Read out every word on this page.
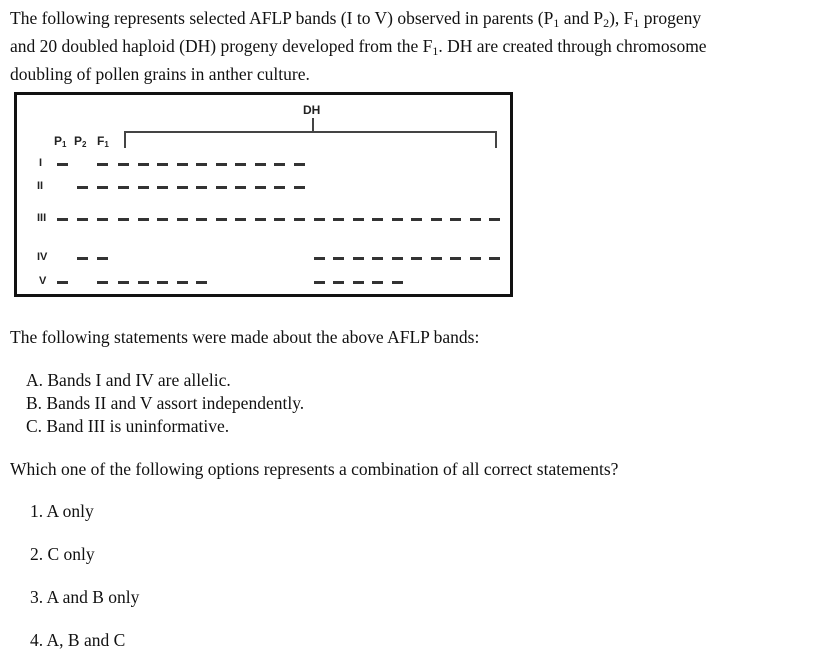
The following represents selected AFLP bands (I to V) observed in parents ($P_1$ and $P_2$), $F_1$ progeny
and 20 doubled haploid (DH) progeny developed from the $F_1$. DH are created through chromosome
doubling of pollen grains in anther culture.

DH
$P_1$ $P_2$ $F_1$
I
II
III
IV
V

The following statements were made about the above AFLP bands:

A. Bands I and IV are allelic.

B. Bands II and V assort independently.

C. Band III is uninformative.

Which one of the following options represents a combination of all correct statements?

1. A only

2. C only

3. A and B only

4. A, B and C
